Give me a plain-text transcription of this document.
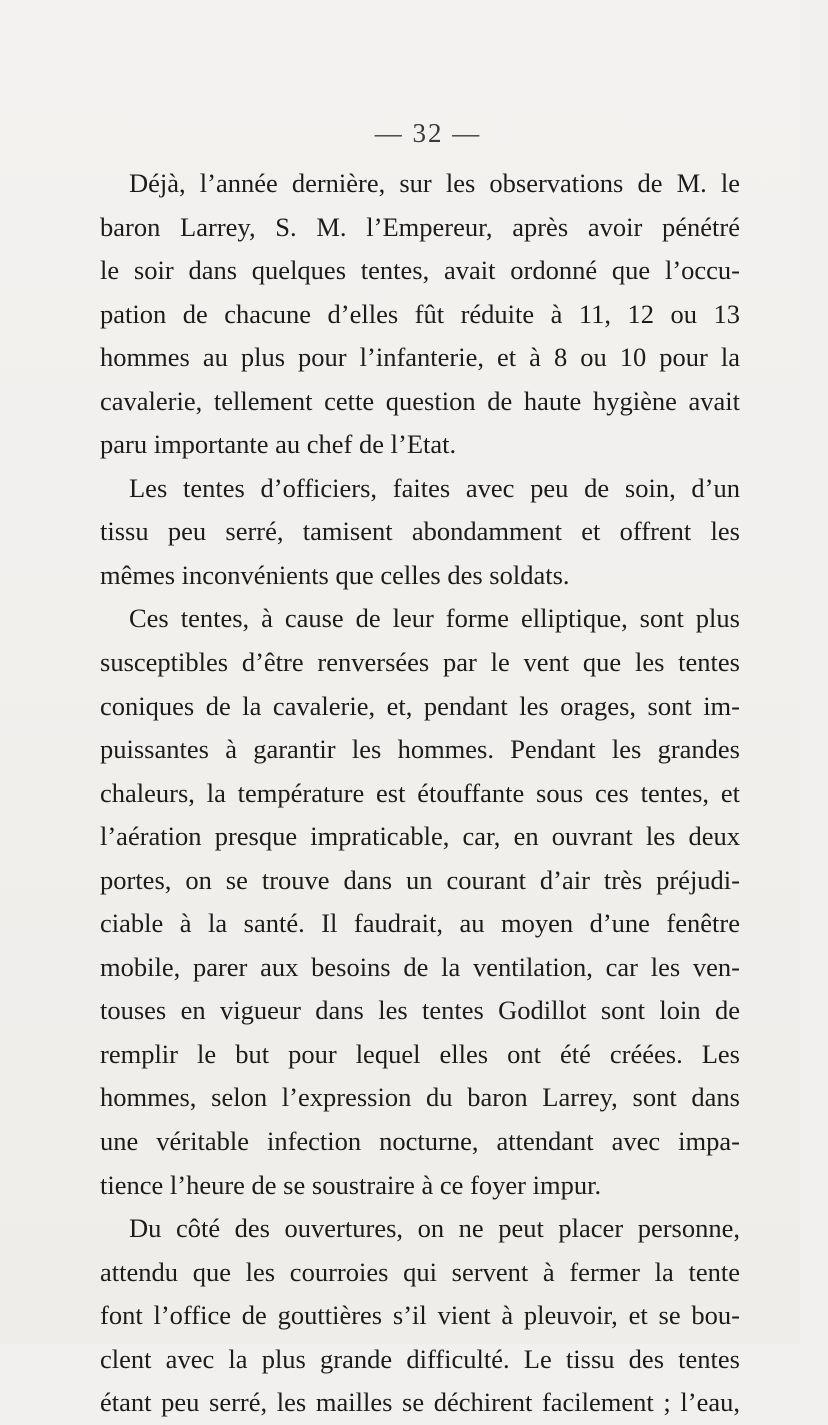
— 32 —
Déjà, l’année dernière, sur les observations de M. le
baron Larrey, S. M. l’Empereur, après avoir pénétré
le soir dans quelques tentes, avait ordonné que l’occu-
pation de chacune d’elles fût réduite à 11, 12 ou 13
hommes au plus pour l’infanterie, et à 8 ou 10 pour la
cavalerie, tellement cette question de haute hygiène avait
paru importante au chef de l’Etat.
Les tentes d’officiers, faites avec peu de soin, d’un
tissu peu serré, tamisent abondamment et offrent les
mêmes inconvénients que celles des soldats.
Ces tentes, à cause de leur forme elliptique, sont plus
susceptibles d’être renversées par le vent que les tentes
coniques de la cavalerie, et, pendant les orages, sont im-
puissantes à garantir les hommes. Pendant les grandes
chaleurs, la température est étouffante sous ces tentes, et
l’aération presque impraticable, car, en ouvrant les deux
portes, on se trouve dans un courant d’air très préjudi-
ciable à la santé. Il faudrait, au moyen d’une fenêtre
mobile, parer aux besoins de la ventilation, car les ven-
touses en vigueur dans les tentes Godillot sont loin de
remplir le but pour lequel elles ont été créées. Les
hommes, selon l’expression du baron Larrey, sont dans
une véritable infection nocturne, attendant avec impa-
tience l’heure de se soustraire à ce foyer impur.
Du côté des ouvertures, on ne peut placer personne,
attendu que les courroies qui servent à fermer la tente
font l’office de gouttières s’il vient à pleuvoir, et se bou-
clent avec la plus grande difficulté. Le tissu des tentes
étant peu serré, les mailles se déchirent facilement ; l’eau,
